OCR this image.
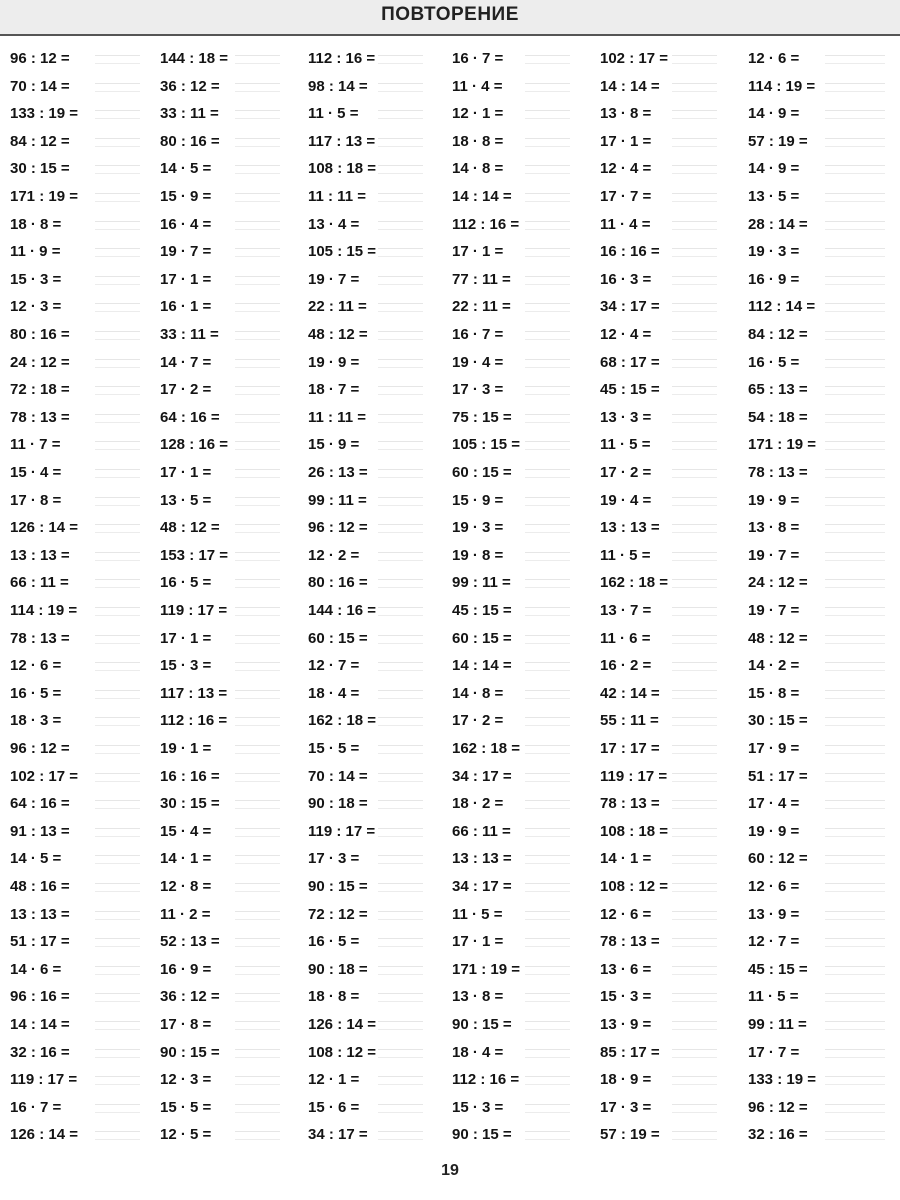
ПОВТОРЕНИЕ
96 : 12 =
70 : 14 =
133 : 19 =
84 : 12 =
30 : 15 =
171 : 19 =
18 · 8 =
11 · 9 =
15 · 3 =
12 · 3 =
80 : 16 =
24 : 12 =
72 : 18 =
78 : 13 =
11 · 7 =
15 · 4 =
17 · 8 =
126 : 14 =
13 : 13 =
66 : 11 =
114 : 19 =
78 : 13 =
12 · 6 =
16 · 5 =
18 · 3 =
96 : 12 =
102 : 17 =
64 : 16 =
91 : 13 =
14 · 5 =
48 : 16 =
13 : 13 =
51 : 17 =
14 · 6 =
96 : 16 =
14 : 14 =
32 : 16 =
119 : 17 =
16 · 7 =
126 : 14 =
144 : 18 =
36 : 12 =
33 : 11 =
80 : 16 =
14 · 5 =
15 · 9 =
16 · 4 =
19 · 7 =
17 · 1 =
16 · 1 =
33 : 11 =
14 · 7 =
17 · 2 =
64 : 16 =
128 : 16 =
17 · 1 =
13 · 5 =
48 : 12 =
153 : 17 =
16 · 5 =
119 : 17 =
17 · 1 =
15 · 3 =
117 : 13 =
112 : 16 =
19 · 1 =
16 : 16 =
30 : 15 =
15 · 4 =
14 · 1 =
12 · 8 =
11 · 2 =
52 : 13 =
16 · 9 =
36 : 12 =
17 · 8 =
90 : 15 =
12 · 3 =
15 · 5 =
12 · 5 =
112 : 16 =
98 : 14 =
11 · 5 =
117 : 13 =
108 : 18 =
11 : 11 =
13 · 4 =
105 : 15 =
19 · 7 =
22 : 11 =
48 : 12 =
19 · 9 =
18 · 7 =
11 : 11 =
15 · 9 =
26 : 13 =
99 : 11 =
96 : 12 =
12 · 2 =
80 : 16 =
144 : 16 =
60 : 15 =
12 · 7 =
18 · 4 =
162 : 18 =
15 · 5 =
70 : 14 =
90 : 18 =
119 : 17 =
17 · 3 =
90 : 15 =
72 : 12 =
16 · 5 =
90 : 18 =
18 · 8 =
126 : 14 =
108 : 12 =
12 · 1 =
15 · 6 =
34 : 17 =
16 · 7 =
11 · 4 =
12 · 1 =
18 · 8 =
14 · 8 =
14 : 14 =
112 : 16 =
17 · 1 =
77 : 11 =
22 : 11 =
16 · 7 =
19 · 4 =
17 · 3 =
75 : 15 =
105 : 15 =
60 : 15 =
15 · 9 =
19 · 3 =
19 · 8 =
99 : 11 =
45 : 15 =
60 : 15 =
14 : 14 =
14 · 8 =
17 · 2 =
162 : 18 =
34 : 17 =
18 · 2 =
66 : 11 =
13 : 13 =
34 : 17 =
11 · 5 =
17 · 1 =
171 : 19 =
13 · 8 =
90 : 15 =
18 · 4 =
112 : 16 =
15 · 3 =
90 : 15 =
102 : 17 =
14 : 14 =
13 · 8 =
17 · 1 =
12 · 4 =
17 · 7 =
11 · 4 =
16 : 16 =
16 · 3 =
34 : 17 =
12 · 4 =
68 : 17 =
45 : 15 =
13 · 3 =
11 · 5 =
17 · 2 =
19 · 4 =
13 : 13 =
11 · 5 =
162 : 18 =
13 · 7 =
11 · 6 =
16 · 2 =
42 : 14 =
55 : 11 =
17 : 17 =
119 : 17 =
78 : 13 =
108 : 18 =
14 · 1 =
108 : 12 =
12 · 6 =
78 : 13 =
13 · 6 =
15 · 3 =
13 · 9 =
85 : 17 =
18 · 9 =
17 · 3 =
57 : 19 =
12 · 6 =
114 : 19 =
14 · 9 =
57 : 19 =
14 · 9 =
13 · 5 =
28 : 14 =
19 · 3 =
16 · 9 =
112 : 14 =
84 : 12 =
16 · 5 =
65 : 13 =
54 : 18 =
171 : 19 =
78 : 13 =
19 · 9 =
13 · 8 =
19 · 7 =
24 : 12 =
19 · 7 =
48 : 12 =
14 · 2 =
15 · 8 =
30 : 15 =
17 · 9 =
51 : 17 =
17 · 4 =
19 · 9 =
60 : 12 =
12 · 6 =
13 · 9 =
12 · 7 =
45 : 15 =
11 · 5 =
99 : 11 =
17 · 7 =
133 : 19 =
96 : 12 =
32 : 16 =
19
